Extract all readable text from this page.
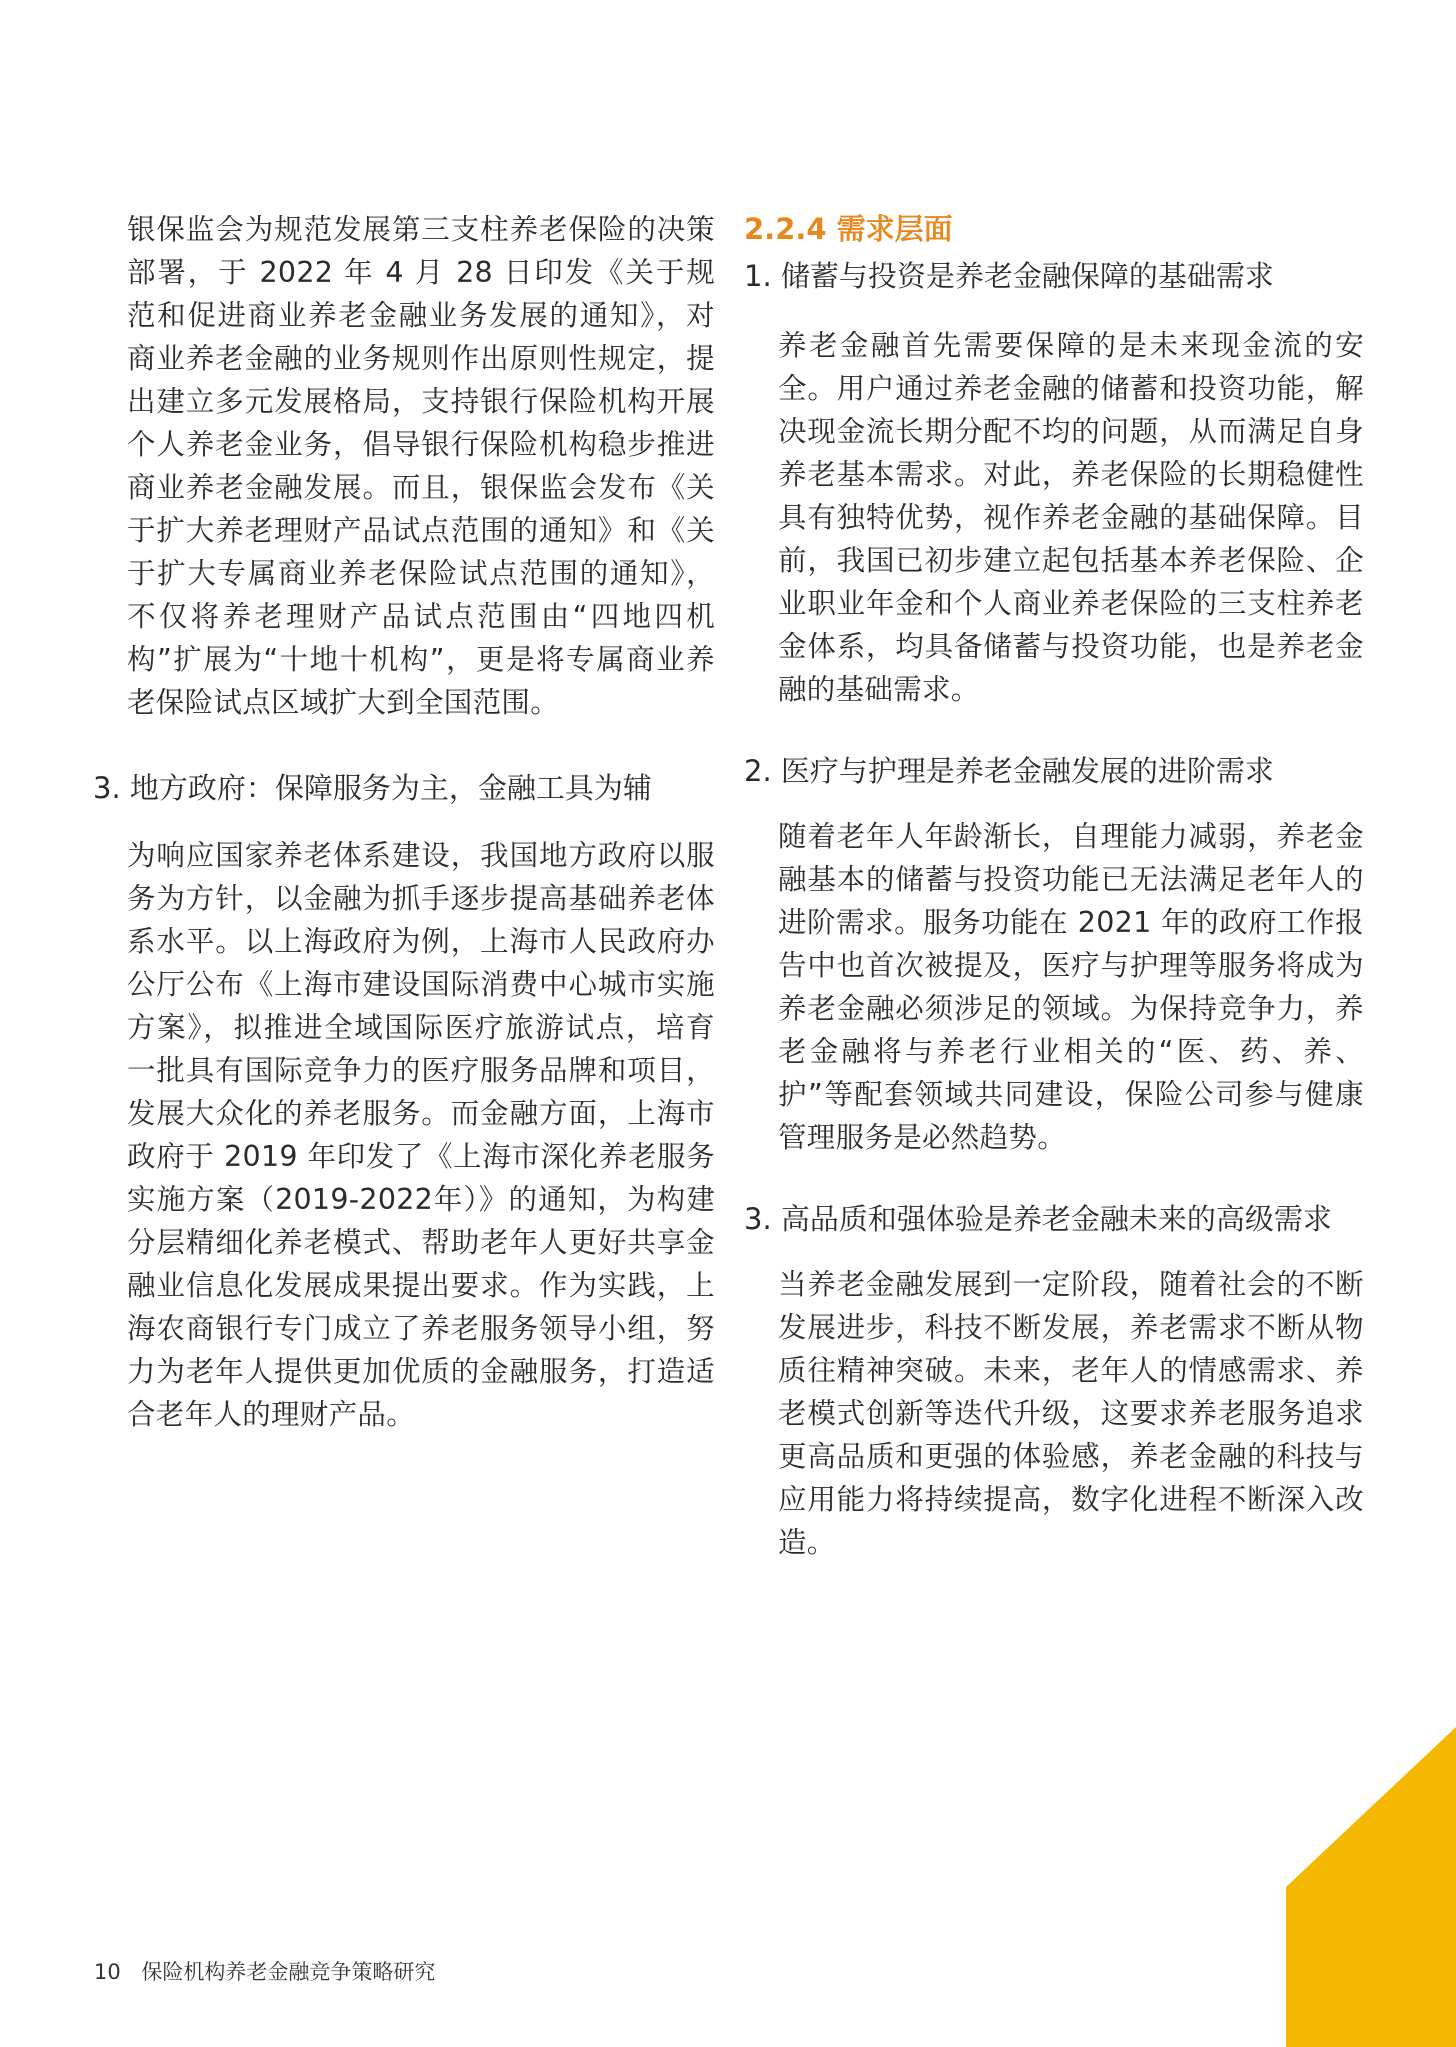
银保监会为规范发展第三支柱养老保险的决策部署，于 2022 年 4 月 28 日印发《关于规范和促进商业养老金融业务发展的通知》，对商业养老金融的业务规则作出原则性规定，提出建立多元发展格局，支持银行保险机构开展个人养老金业务，倡导银行保险机构稳步推进商业养老金融发展。而且，银保监会发布《关于扩大养老理财产品试点范围的通知》和《关于扩大专属商业养老保险试点范围的通知》，不仅将养老理财产品试点范围由“四地四机构”扩展为“十地十机构”，更是将专属商业养老保险试点区域扩大到全国范围。

3. 地方政府：保障服务为主，金融工具为辅

为响应国家养老体系建设，我国地方政府以服务为方针，以金融为抓手逐步提高基础养老体系水平。以上海政府为例，上海市人民政府办公厅公布《上海市建设国际消费中心城市实施方案》，拟推进全域国际医疗旅游试点，培育一批具有国际竞争力的医疗服务品牌和项目，发展大众化的养老服务。而金融方面，上海市政府于 2019 年印发了《上海市深化养老服务实施方案（2019-2022年）》的通知，为构建分层精细化养老模式、帮助老年人更好共享金融业信息化发展成果提出要求。作为实践，上海农商银行专门成立了养老服务领导小组，努力为老年人提供更加优质的金融服务，打造适合老年人的理财产品。

2.2.4 需求层面

1. 储蓄与投资是养老金融保障的基础需求

养老金融首先需要保障的是未来现金流的安全。用户通过养老金融的储蓄和投资功能，解决现金流长期分配不均的问题，从而满足自身养老基本需求。对此，养老保险的长期稳健性具有独特优势，视作养老金融的基础保障。目前，我国已初步建立起包括基本养老保险、企业职业年金和个人商业养老保险的三支柱养老金体系，均具备储蓄与投资功能，也是养老金融的基础需求。

2. 医疗与护理是养老金融发展的进阶需求

随着老年人年龄渐长，自理能力减弱，养老金融基本的储蓄与投资功能已无法满足老年人的进阶需求。服务功能在 2021 年的政府工作报告中也首次被提及，医疗与护理等服务将成为养老金融必须涉足的领域。为保持竞争力，养老金融将与养老行业相关的“医、药、养、护”等配套领域共同建设，保险公司参与健康管理服务是必然趋势。

3. 高品质和强体验是养老金融未来的高级需求

当养老金融发展到一定阶段，随着社会的不断发展进步，科技不断发展，养老需求不断从物质往精神突破。未来，老年人的情感需求、养老模式创新等迭代升级，这要求养老服务追求更高品质和更强的体验感，养老金融的科技与应用能力将持续提高，数字化进程不断深入改造。

10 保险机构养老金融竞争策略研究
